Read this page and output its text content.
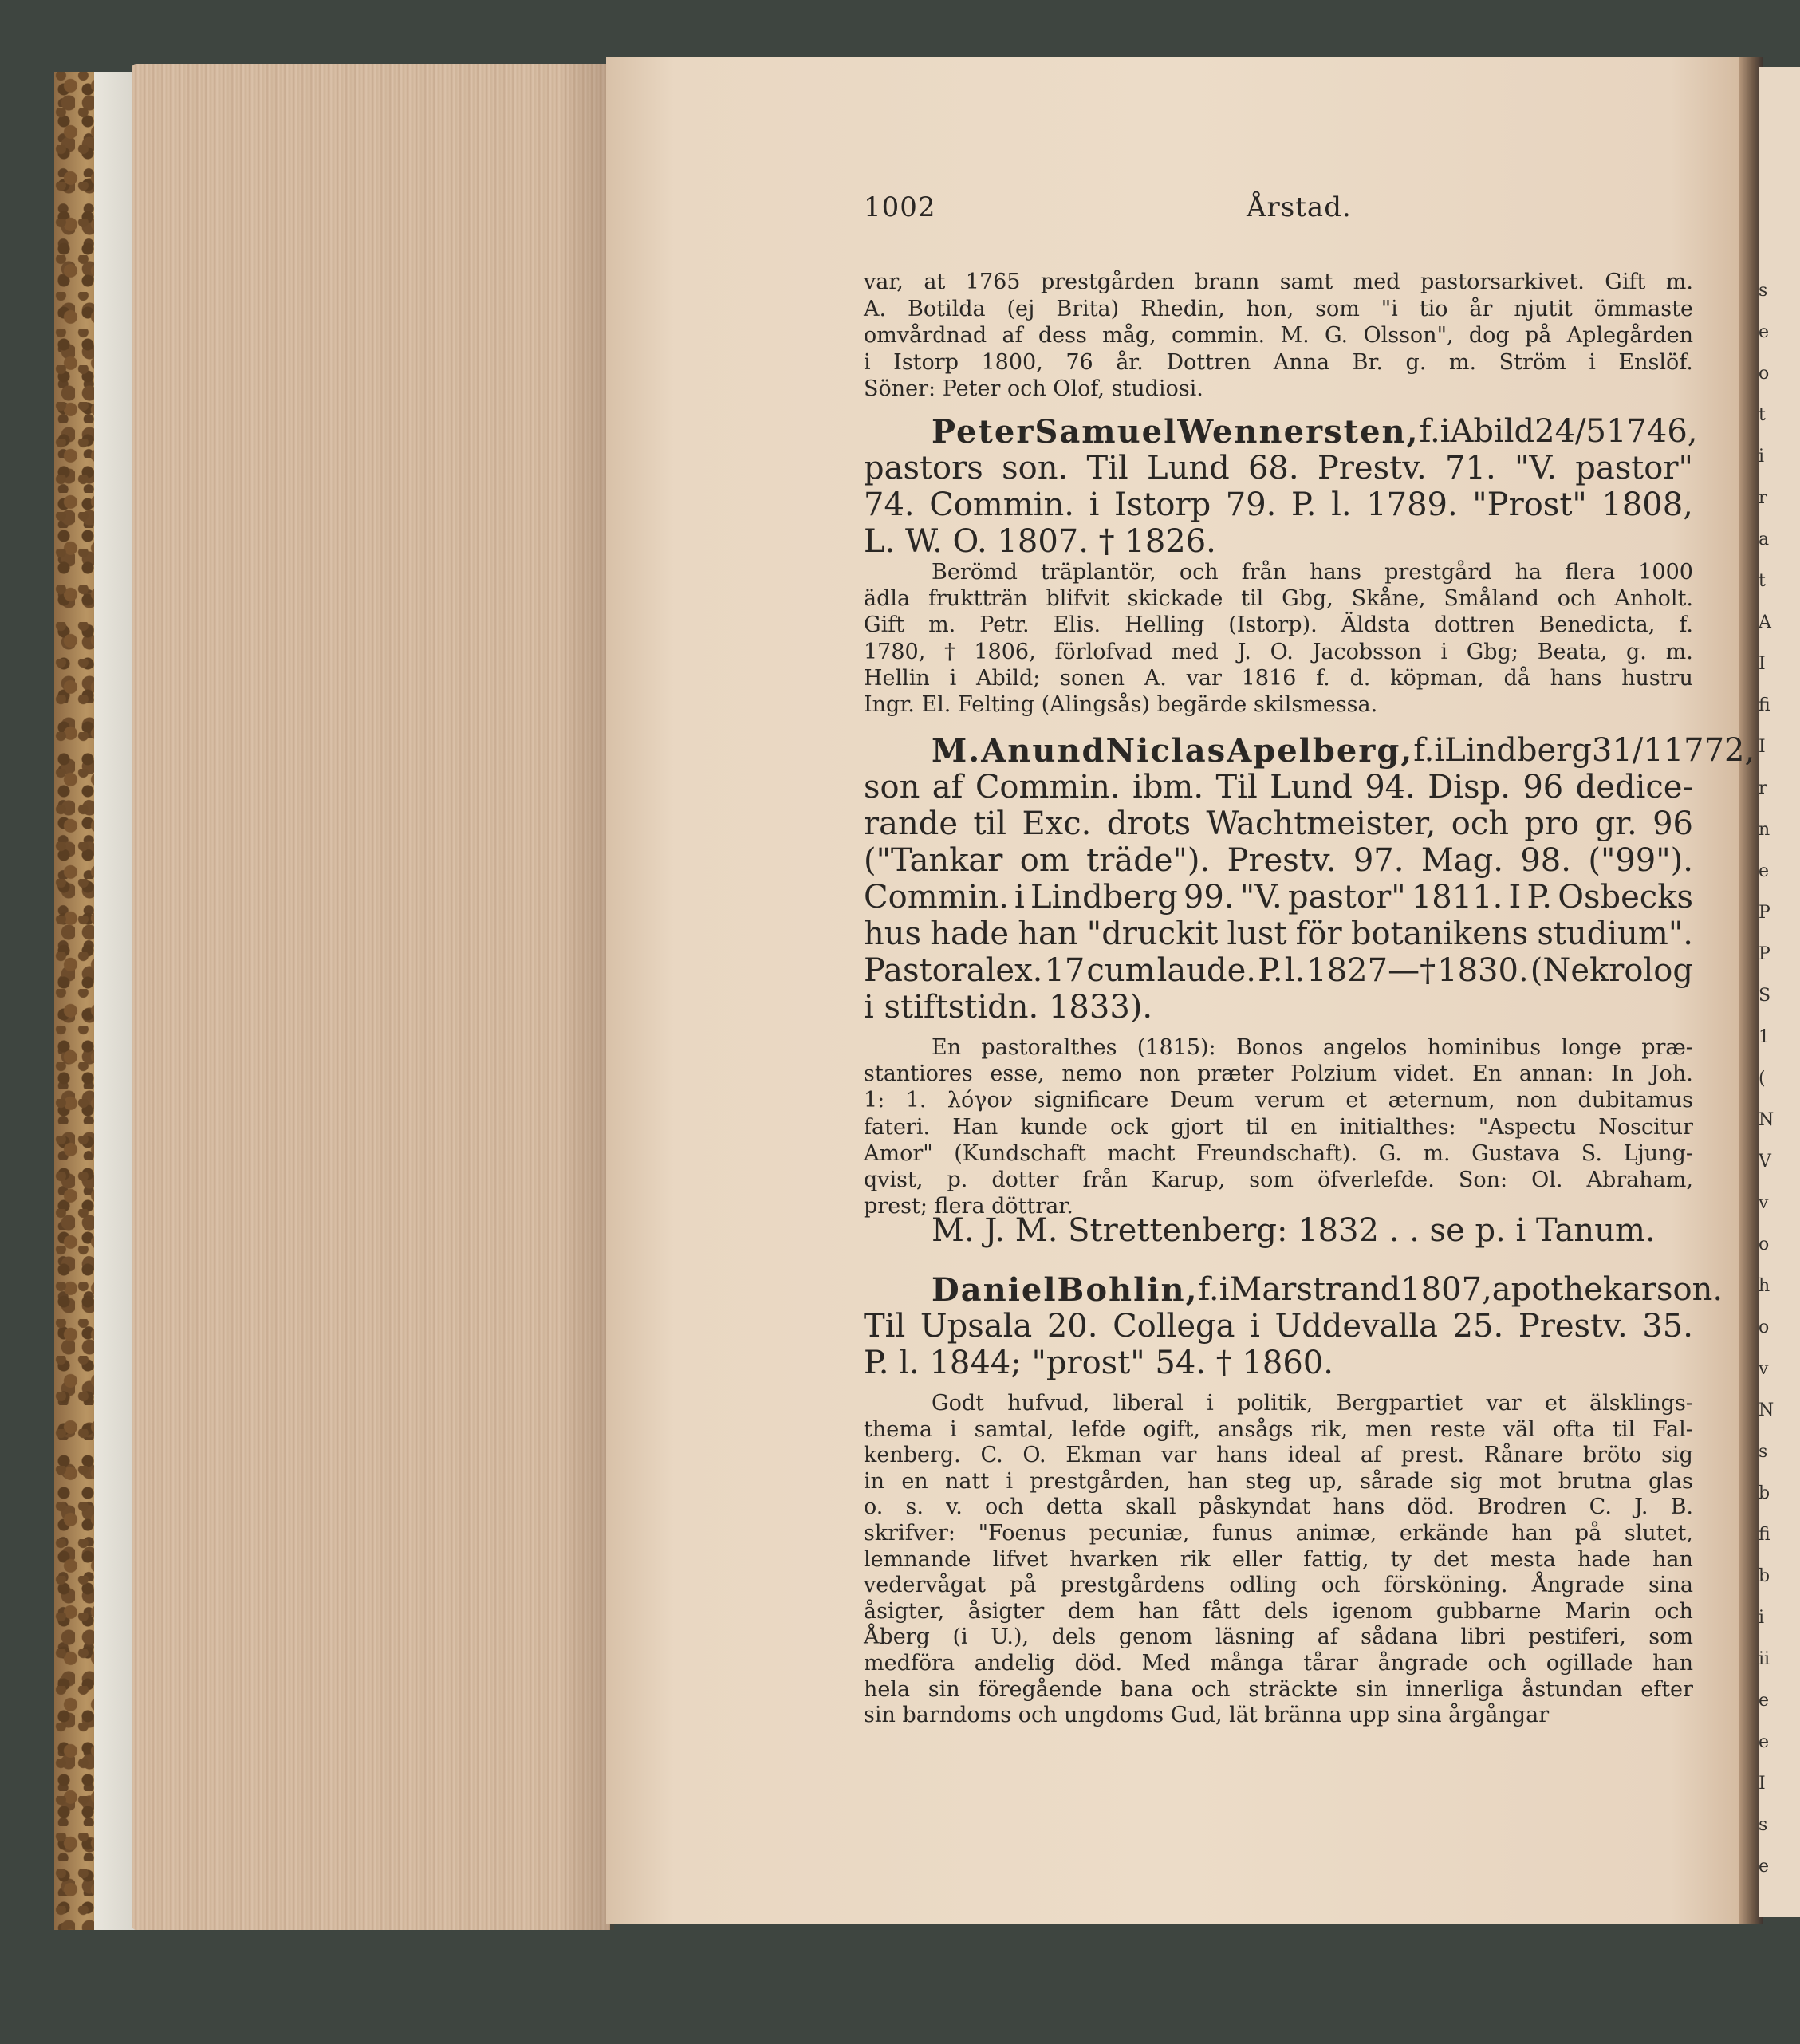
s
e
o
t
i
r
a
t
A
I
fi
I
r
n
e
P
P
S
1
(
N
V
v
o
h
o
v
N
s
b
fi
b
i
ii
e
e
I
s
e
1002	Årstad.
var, at 1765 prestgården brann samt med pastorsarkivet. Gift m.
A. Botilda (ej Brita) Rhedin, hon, som "i tio år njutit ömmaste
omvårdnad af dess måg, commin. M. G. Olsson", dog på Aplegården
i Istorp 1800, 76 år. Dottren Anna Br. g. m. Ström i Enslöf.
Söner: Peter och Olof, studiosi.
Peter Samuel Wennersten, f. i Abild 24/5 1746,
pastors son. Til Lund 68. Prestv. 71. "V. pastor"
74. Commin. i Istorp 79. P. l. 1789. "Prost" 1808,
L. W. O. 1807. † 1826.
Berömd träplantör, och från hans prestgård ha flera 1000
ädla fruktträn blifvit skickade til Gbg, Skåne, Småland och Anholt.
Gift m. Petr. Elis. Helling (Istorp). Äldsta dottren Benedicta, f.
1780, † 1806, förlofvad med J. O. Jacobsson i Gbg; Beata, g. m.
Hellin i Abild; sonen A. var 1816 f. d. köpman, då hans hustru
Ingr. El. Felting (Alingsås) begärde skilsmessa.
M. Anund Niclas Apelberg, f. i Lindberg 31/1 1772,
son af Commin. ibm. Til Lund 94. Disp. 96 dedice-
rande til Exc. drots Wachtmeister, och pro gr. 96
("Tankar om träde"). Prestv. 97. Mag. 98. ("99").
Commin. i Lindberg 99. "V. pastor" 1811. I P. Osbecks
hus hade han "druckit lust för botanikens studium".
Pastoralex. 17 cum laude. P. l. 1827—† 1830. (Nekrolog
i stiftstidn. 1833).
En pastoralthes (1815): Bonos angelos hominibus longe præ-
stantiores esse, nemo non præter Polzium videt. En annan: In Joh.
1: 1. λόγον significare Deum verum et æternum, non dubitamus
fateri. Han kunde ock gjort til en initialthes: "Aspectu Noscitur
Amor" (Kundschaft macht Freundschaft). G. m. Gustava S. Ljung-
qvist, p. dotter från Karup, som öfverlefde. Son: Ol. Abraham,
prest; flera döttrar.
M. J. M. Strettenberg: 1832 . . se p. i Tanum.
Daniel Bohlin, f. i Marstrand 1807, apothekarson.
Til Upsala 20. Collega i Uddevalla 25. Prestv. 35.
P. l. 1844; "prost" 54. † 1860.
Godt hufvud, liberal i politik, Bergpartiet var et älsklings-
thema i samtal, lefde ogift, ansågs rik, men reste väl ofta til Fal-
kenberg. C. O. Ekman var hans ideal af prest. Rånare bröto sig
in en natt i prestgården, han steg up, sårade sig mot brutna glas
o. s. v. och detta skall påskyndat hans död. Brodren C. J. B.
skrifver: "Foenus pecuniæ, funus animæ, erkände han på slutet,
lemnande lifvet hvarken rik eller fattig, ty det mesta hade han
vedervågat på prestgårdens odling och försköning. Ångrade sina
åsigter, åsigter dem han fått dels igenom gubbarne Marin och
Åberg (i U.), dels genom läsning af sådana libri pestiferi, som
medföra andelig död. Med många tårar ångrade och ogillade han
hela sin föregående bana och sträckte sin innerliga åstundan efter
sin barndoms och ungdoms Gud, lät bränna upp sina årgångar
